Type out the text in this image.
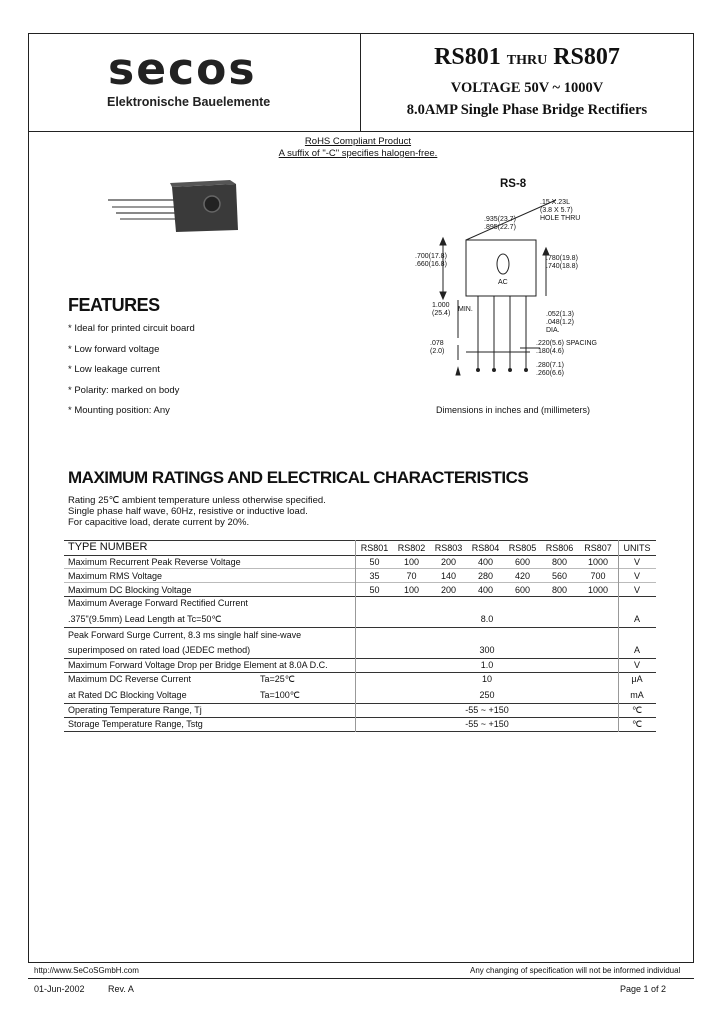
secos
Elektronische Bauelemente
RS801 THRU RS807
VOLTAGE 50V ~ 1000V
8.0AMP Single Phase Bridge Rectifiers
RoHS Compliant Product
A suffix of "-C" specifies halogen-free.
RS-8
.15 X.23L
(3.8 X 5.7)
HOLE THRU
.935(23.7)
.895(22.7)
.700(17.8)
.660(16.8)
.780(19.8)
.740(18.8)
AC
1.000
(25.4)
MIN.
.052(1.3)
.048(1.2)
DIA.
.078
(2.0)
.220(5.6) SPACING
.180(4.6)
.280(7.1)
.260(6.6)
FEATURES
* Ideal for printed circuit board
* Low forward voltage
* Low leakage current
* Polarity: marked on body
* Mounting position: Any	Dimensions in inches and (millimeters)
MAXIMUM RATINGS AND ELECTRICAL CHARACTERISTICS
Rating 25℃ ambient temperature unless otherwise specified.
Single phase half wave, 60Hz, resistive or inductive load.
For capacitive load, derate current by 20%.
TYPE NUMBER	RS801	RS802	RS803	RS804	RS805	RS806	RS807	UNITS
Maximum Recurrent Peak Reverse Voltage	50	100	200	400	600	800	1000	V
Maximum RMS Voltage	35	70	140	280	420	560	700	V
Maximum DC Blocking Voltage	50	100	200	400	600	800	1000	V
Maximum Average Forward Rectified Current
.375"(9.5mm) Lead Length at Tc=50℃	8.0	A
Peak Forward Surge Current, 8.3 ms single half sine-wave
superimposed on rated load (JEDEC method)	300	A
Maximum Forward Voltage Drop per Bridge Element at 8.0A D.C.	1.0	V
Maximum DC Reverse Current	Ta=25℃	10	μA
at Rated DC Blocking Voltage	Ta=100℃	250	mA
Operating Temperature Range, Tj	-55 ~ +150	℃
Storage Temperature Range, Tstg	-55 ~ +150	℃
http://www.SeCoSGmbH.com	Any changing of specification will not be informed individual
01-Jun-2002	Rev. A	Page 1 of 2
